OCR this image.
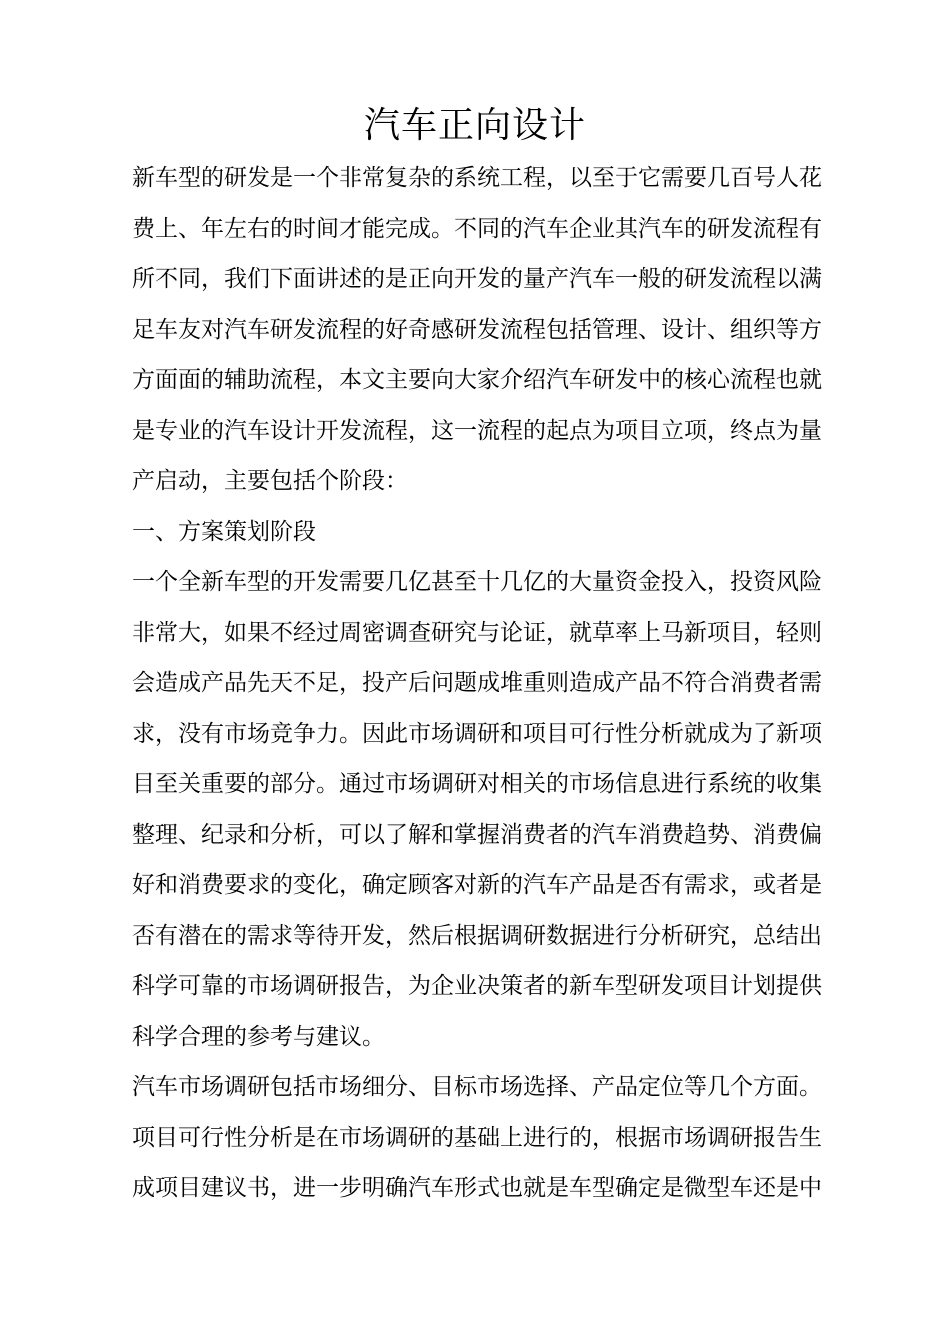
汽车正向设计
新车型的研发是一个非常复杂的系统工程，以至于它需要几百号人花
费上、年左右的时间才能完成。不同的汽车企业其汽车的研发流程有
所不同，我们下面讲述的是正向开发的量产汽车一般的研发流程以满
足车友对汽车研发流程的好奇感研发流程包括管理、设计、组织等方
方面面的辅助流程，本文主要向大家介绍汽车研发中的核心流程也就
是专业的汽车设计开发流程，这一流程的起点为项目立项，终点为量
产启动，主要包括个阶段：
一、方案策划阶段
一个全新车型的开发需要几亿甚至十几亿的大量资金投入，投资风险
非常大，如果不经过周密调查研究与论证，就草率上马新项目，轻则
会造成产品先天不足，投产后问题成堆重则造成产品不符合消费者需
求，没有市场竞争力。因此市场调研和项目可行性分析就成为了新项
目至关重要的部分。通过市场调研对相关的市场信息进行系统的收集
整理、纪录和分析，可以了解和掌握消费者的汽车消费趋势、消费偏
好和消费要求的变化，确定顾客对新的汽车产品是否有需求，或者是
否有潜在的需求等待开发，然后根据调研数据进行分析研究，总结出
科学可靠的市场调研报告，为企业决策者的新车型研发项目计划提供
科学合理的参考与建议。
汽车市场调研包括市场细分、目标市场选择、产品定位等几个方面。
项目可行性分析是在市场调研的基础上进行的，根据市场调研报告生
成项目建议书，进一步明确汽车形式也就是车型确定是微型车还是中
